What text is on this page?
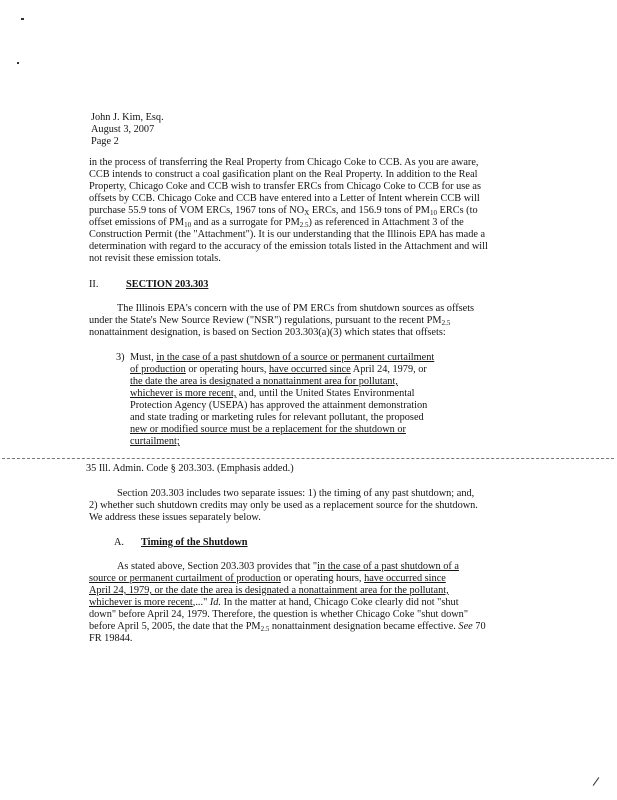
John J. Kim, Esq.
August 3, 2007
Page 2
in the process of transferring the Real Property from Chicago Coke to CCB. As you are aware,
CCB intends to construct a coal gasification plant on the Real Property. In addition to the Real
Property, Chicago Coke and CCB wish to transfer ERCs from Chicago Coke to CCB for use as
offsets by CCB. Chicago Coke and CCB have entered into a Letter of Intent wherein CCB will
purchase 55.9 tons of VOM ERCs, 1967 tons of $NO_X$ ERCs, and 156.9 tons of $PM_{10}$ ERCs (to
offset emissions of $PM_{10}$ and as a surrogate for $PM_{2.5}$) as referenced in Attachment 3 of the
Construction Permit (the "Attachment"). It is our understanding that the Illinois EPA has made a
determination with regard to the accuracy of the emission totals listed in the Attachment and will
not revisit these emission totals.
II.	SECTION 203.303
The Illinois EPA's concern with the use of PM ERCs from shutdown sources as offsets
under the State's New Source Review ("NSR") regulations, pursuant to the recent $PM_{2.5}$
nonattainment designation, is based on Section 203.303(a)(3) which states that offsets:
3) Must, in the case of a past shutdown of a source or permanent curtailment
of production or operating hours, have occurred since April 24, 1979, or
the date the area is designated a nonattainment area for pollutant,
whichever is more recent, and, until the United States Environmental
Protection Agency (USEPA) has approved the attainment demonstration
and state trading or marketing rules for relevant pollutant, the proposed
new or modified source must be a replacement for the shutdown or
curtailment;
35 Ill. Admin. Code § 203.303. (Emphasis added.)
Section 203.303 includes two separate issues: 1) the timing of any past shutdown; and,
2) whether such shutdown credits may only be used as a replacement source for the shutdown.
We address these issues separately below.
A. Timing of the Shutdown
As stated above, Section 203.303 provides that "in the case of a past shutdown of a
source or permanent curtailment of production or operating hours, have occurred since
April 24, 1979, or the date the area is designated a nonattainment area for the pollutant,
whichever is more recent,..." Id. In the matter at hand, Chicago Coke clearly did not "shut
down" before April 24, 1979. Therefore, the question is whether Chicago Coke "shut down"
before April 5, 2005, the date that the $PM_{2.5}$ nonattainment designation became effective. See 70
FR 19844.
